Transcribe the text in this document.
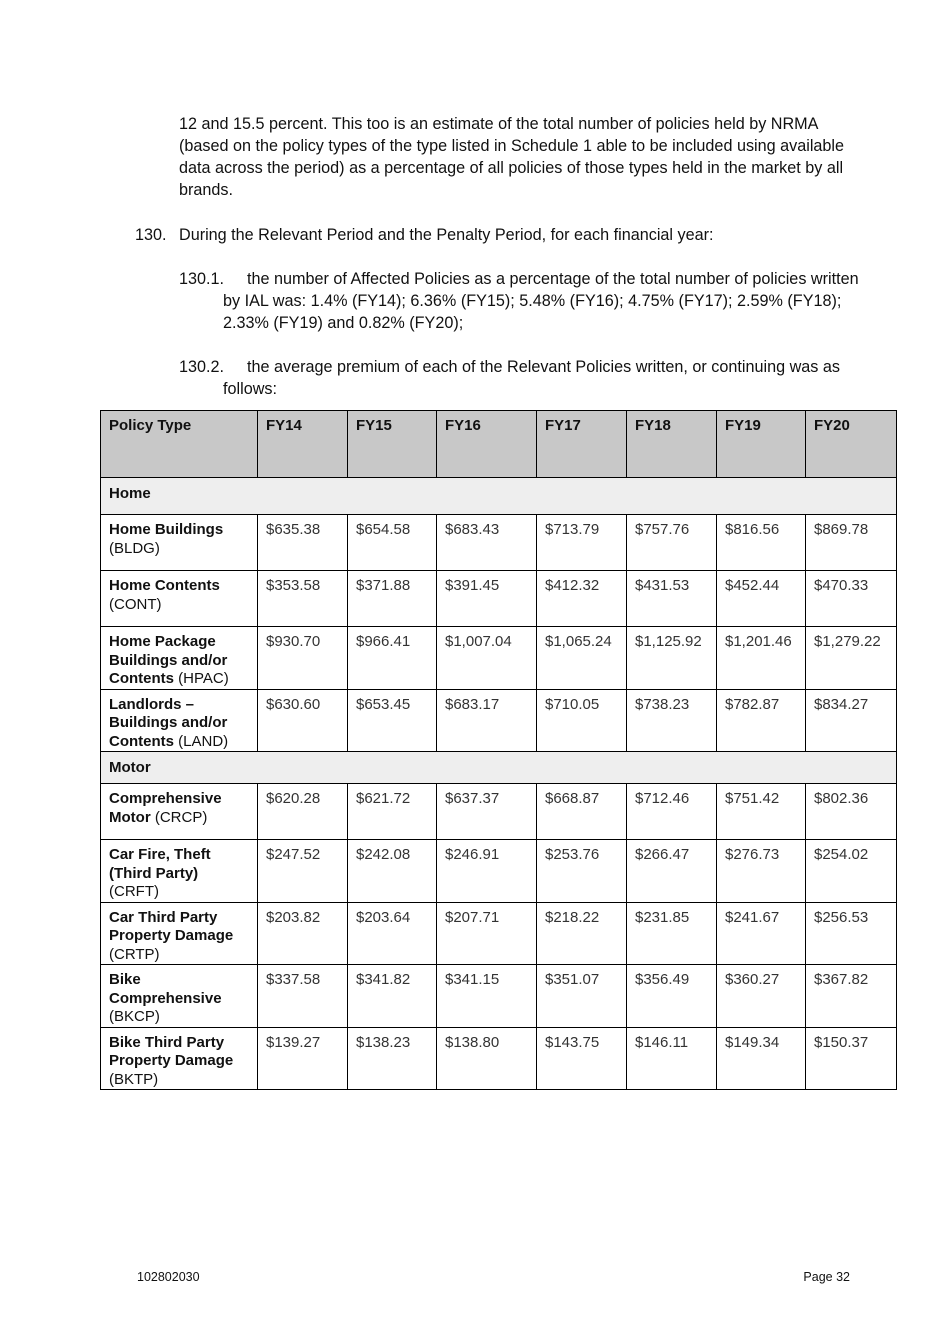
12 and 15.5 percent. This too is an estimate of the total number of policies held by NRMA (based on the policy types of the type listed in Schedule 1 able to be included using available data across the period) as a percentage of all policies of those types held in the market by all brands.
130. During the Relevant Period and the Penalty Period, for each financial year:
130.1.	the number of Affected Policies as a percentage of the total number of policies written by IAL was: 1.4% (FY14); 6.36% (FY15); 5.48% (FY16); 4.75% (FY17); 2.59% (FY18); 2.33% (FY19) and 0.82% (FY20);
130.2.	the average premium of each of the Relevant Policies written, or continuing was as follows:
Policy Type	FY14	FY15	FY16	FY17	FY18	FY19	FY20
Home							
Home Buildings (BLDG)	$635.38	$654.58	$683.43	$713.79	$757.76	$816.56	$869.78
Home Contents (CONT)	$353.58	$371.88	$391.45	$412.32	$431.53	$452.44	$470.33
Home Package Buildings and/or Contents (HPAC)	$930.70	$966.41	$1,007.04	$1,065.24	$1,125.92	$1,201.46	$1,279.22
Landlords – Buildings and/or Contents (LAND)	$630.60	$653.45	$683.17	$710.05	$738.23	$782.87	$834.27
Motor							
Comprehensive Motor (CRCP)	$620.28	$621.72	$637.37	$668.87	$712.46	$751.42	$802.36
Car Fire, Theft (Third Party) (CRFT)	$247.52	$242.08	$246.91	$253.76	$266.47	$276.73	$254.02
Car Third Party Property Damage (CRTP)	$203.82	$203.64	$207.71	$218.22	$231.85	$241.67	$256.53
Bike Comprehensive (BKCP)	$337.58	$341.82	$341.15	$351.07	$356.49	$360.27	$367.82
Bike Third Party Property Damage (BKTP)	$139.27	$138.23	$138.80	$143.75	$146.11	$149.34	$150.37
102802030	Page 32
